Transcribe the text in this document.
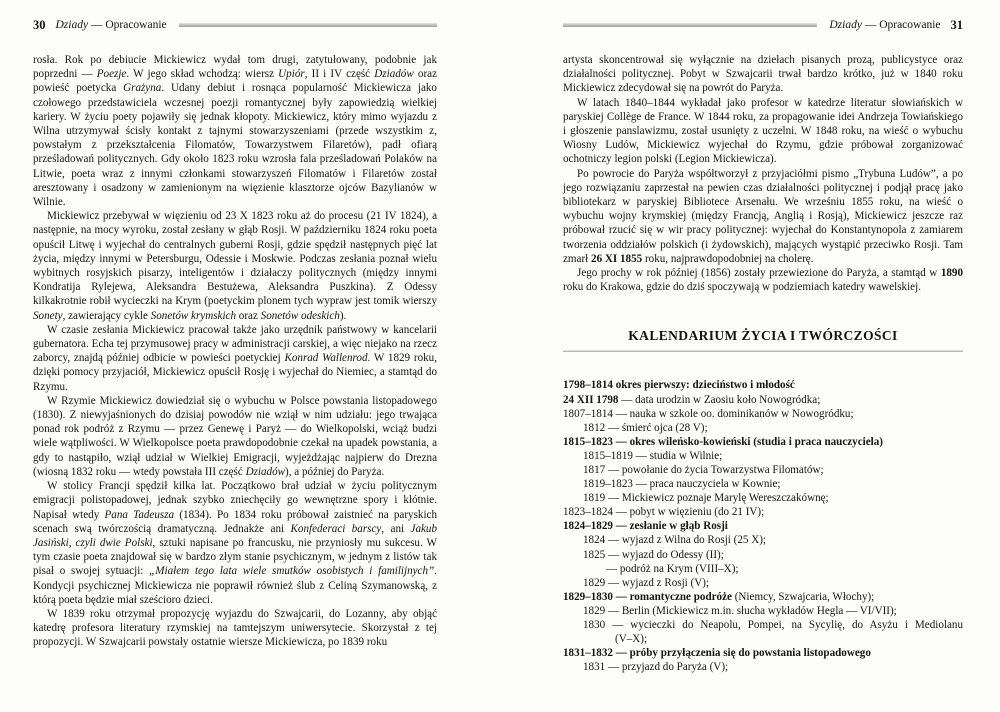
30 Dziady — Opracowanie

rosła. Rok po debiucie Mickiewicz wydał tom drugi, zatytułowany, podobnie jak poprzedni — Poezje. W jego skład wchodzą: wiersz Upiór, II i IV część Dziadów oraz powieść poetycka Grażyna. Udany debiut i rosnąca popularność Mickiewicza jako czołowego przedstawiciela wczesnej poezji romantycznej były zapowiedzią wielkiej kariery. W życiu poety pojawiły się jednak kłopoty. Mickiewicz, który mimo wyjazdu z Wilna utrzymywał ścisły kontakt z tajnymi stowarzyszeniami (przede wszystkim z, powstałym z przekształcenia Filomatów, Towarzystwem Filaretów), padł ofiarą prześladowań politycznych. Gdy około 1823 roku wzrosła fala prześladowań Polaków na Litwie, poeta wraz z innymi członkami stowarzyszeń Filomatów i Filaretów został aresztowany i osadzony w zamienionym na więzienie klasztorze ojców Bazylianów w Wilnie.

Mickiewicz przebywał w więzieniu od 23 X 1823 roku aż do procesu (21 IV 1824), a następnie, na mocy wyroku, został zesłany w głąb Rosji. W październiku 1824 roku poeta opuścił Litwę i wyjechał do centralnych guberni Rosji, gdzie spędził następnych pięć lat życia, między innymi w Petersburgu, Odessie i Moskwie. Podczas zesłania poznał wielu wybitnych rosyjskich pisarzy, inteligentów i działaczy politycznych (między innymi Kondratija Rylejewa, Aleksandra Bestużewa, Aleksandra Puszkina). Z Odessy kilkakrotnie robił wycieczki na Krym (poetyckim plonem tych wypraw jest tomik wierszy Sonety, zawierający cykle Sonetów krymskich oraz Sonetów odeskich).

W czasie zesłania Mickiewicz pracował także jako urzędnik państwowy w kancelarii gubernatora. Echa tej przymusowej pracy w administracji carskiej, a więc niejako na rzecz zaborcy, znajdą później odbicie w powieści poetyckiej Konrad Wallenrod. W 1829 roku, dzięki pomocy przyjaciół, Mickiewicz opuścił Rosję i wyjechał do Niemiec, a stamtąd do Rzymu.

W Rzymie Mickiewicz dowiedział się o wybuchu w Polsce powstania listopadowego (1830). Z niewyjaśnionych do dzisiaj powodów nie wziął w nim udziału: jego trwająca ponad rok podróż z Rzymu — przez Genewę i Paryż — do Wielkopolski, wciąż budzi wiele wątpliwości. W Wielkopolsce poeta prawdopodobnie czekał na upadek powstania, a gdy to nastąpiło, wziął udział w Wielkiej Emigracji, wyjeżdżając najpierw do Drezna (wiosną 1832 roku — wtedy powstała III część Dziadów), a później do Paryża.

W stolicy Francji spędził kilka lat. Początkowo brał udział w życiu politycznym emigracji polistopadowej, jednak szybko zniechęciły go wewnętrzne spory i kłótnie. Napisał wtedy Pana Tadeusza (1834). Po 1834 roku próbował zaistnieć na paryskich scenach swą twórczością dramatyczną. Jednakże ani Konfederaci barscy, ani Jakub Jasiński, czyli dwie Polski, sztuki napisane po francusku, nie przyniosły mu sukcesu. W tym czasie poeta znajdował się w bardzo złym stanie psychicznym, w jednym z listów tak pisał o swojej sytuacji: „Miałem tego lata wiele smutków osobistych i familijnych”. Kondycji psychicznej Mickiewicza nie poprawił również ślub z Celiną Szymanowską, z którą poeta będzie miał sześcioro dzieci.

W 1839 roku otrzymał propozycję wyjazdu do Szwajcarii, do Lozanny, aby objąć katedrę profesora literatury rzymskiej na tamtejszym uniwersytecie. Skorzystał z tej propozycji. W Szwajcarii powstały ostatnie wiersze Mickiewicza, po 1839 roku

Dziady — Opracowanie 31

artysta skoncentrował się wyłącznie na dziełach pisanych prozą, publicystyce oraz działalności politycznej. Pobyt w Szwajcarii trwał bardzo krótko, już w 1840 roku Mickiewicz zdecydował się na powrót do Paryża.

W latach 1840–1844 wykładał jako profesor w katedrze literatur słowiańskich w paryskiej Collège de France. W 1844 roku, za propagowanie idei Andrzeja Towiańskiego i głoszenie panslawizmu, został usunięty z uczelni. W 1848 roku, na wieść o wybuchu Wiosny Ludów, Mickiewicz wyjechał do Rzymu, gdzie próbował zorganizować ochotniczy legion polski (Legion Mickiewicza).

Po powrocie do Paryża współtworzył z przyjaciółmi pismo „Trybuna Ludów”, a po jego rozwiązaniu zaprzestał na pewien czas działalności politycznej i podjął pracę jako bibliotekarz w paryskiej Bibliotece Arsenału. We wrześniu 1855 roku, na wieść o wybuchu wojny krymskiej (między Francją, Anglią i Rosją), Mickiewicz jeszcze raz próbował rzucić się w wir pracy politycznej: wyjechał do Konstantynopola z zamiarem tworzenia oddziałów polskich (i żydowskich), mających wystąpić przeciwko Rosji. Tam zmarł 26 XI 1855 roku, najprawdopodobniej na cholerę.

Jego prochy w rok później (1856) zostały przewiezione do Paryża, a stamtąd w 1890 roku do Krakowa, gdzie do dziś spoczywają w podziemiach katedry wawelskiej.

KALENDARIUM ŻYCIA I TWÓRCZOŚCI
1798–1814 okres pierwszy: dzieciństwo i młodość
24 XII 1798 — data urodzin w Zaosiu koło Nowogródka;
1807–1814 — nauka w szkole oo. dominikanów w Nowogródku;
1812 — śmierć ojca (28 V);
1815–1823 — okres wileńsko-kowieński (studia i praca nauczyciela)
1815–1819 — studia w Wilnie;
1817 — powołanie do życia Towarzystwa Filomatów;
1819–1823 — praca nauczyciela w Kownie;
1819 — Mickiewicz poznaje Marylę Wereszczakównę;
1823–1824 — pobyt w więzieniu (do 21 IV);
1824–1829 — zesłanie w głąb Rosji
1824 — wyjazd z Wilna do Rosji (25 X);
1825 — wyjazd do Odessy (II);
— podróż na Krym (VIII–X);
1829 — wyjazd z Rosji (V);
1829–1830 — romantyczne podróże (Niemcy, Szwajcaria, Włochy);
1829 — Berlin (Mickiewicz m.in. słucha wykładów Hegla — VI/VII);
1830 — wycieczki do Neapolu, Pompei, na Sycylię, do Asyżu i Mediolanu
(V–X);
1831–1832 — próby przyłączenia się do powstania listopadowego
1831 — przyjazd do Paryża (V);
